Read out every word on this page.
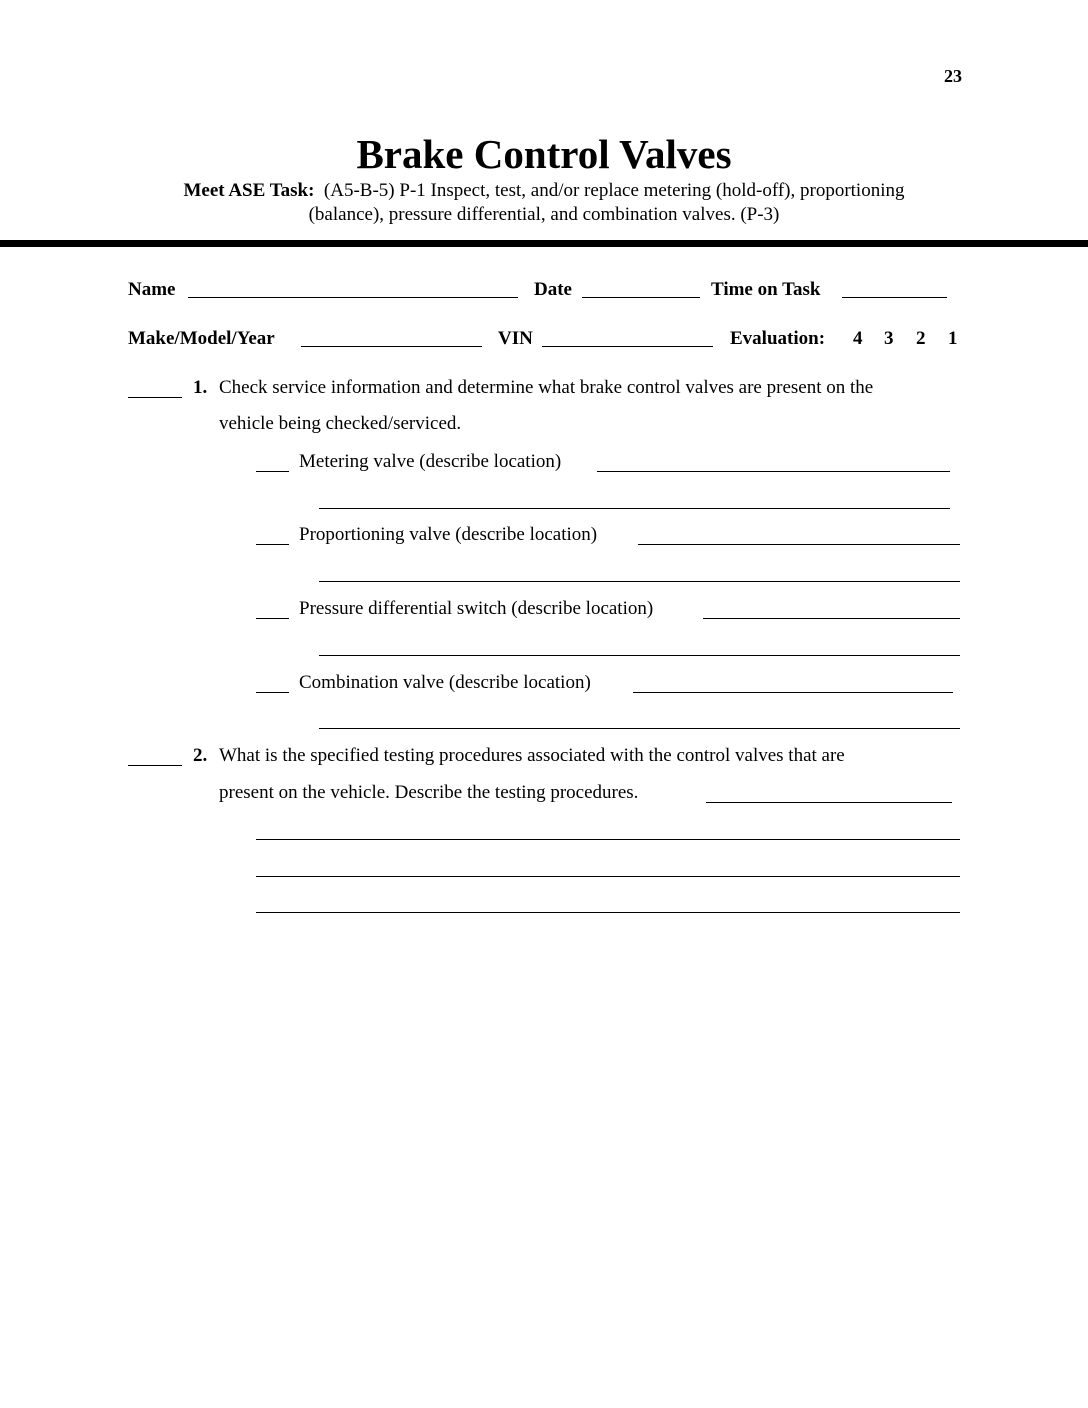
23
Brake Control Valves
Meet ASE Task: (A5-B-5) P-1 Inspect, test, and/or replace metering (hold-off), proportioning
(balance), pressure differential, and combination valves. (P-3)
Name	Date	Time on Task
Make/Model/Year	VIN	Evaluation: 4 3 2 1
1. Check service information and determine what brake control valves are present on the
vehicle being checked/serviced.
Metering valve (describe location)
Proportioning valve (describe location)
Pressure differential switch (describe location)
Combination valve (describe location)
2. What is the specified testing procedures associated with the control valves that are
present on the vehicle. Describe the testing procedures.
